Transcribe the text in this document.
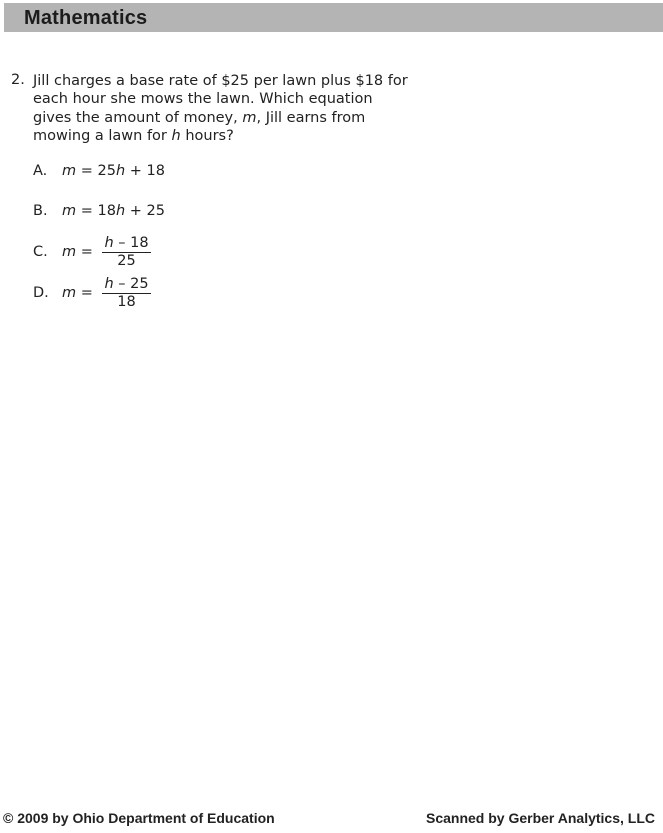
Mathematics
2. Jill charges a base rate of $25 per lawn plus $18 for each hour she mows the lawn. Which equation gives the amount of money, m, Jill earns from mowing a lawn for h hours?
A. m = 25h + 18
B. m = 18h + 25
C. $m = \frac{h - 18}{25}$
D. $m = \frac{h - 25}{18}$
© 2009 by Ohio Department of Education	Scanned by Gerber Analytics, LLC
